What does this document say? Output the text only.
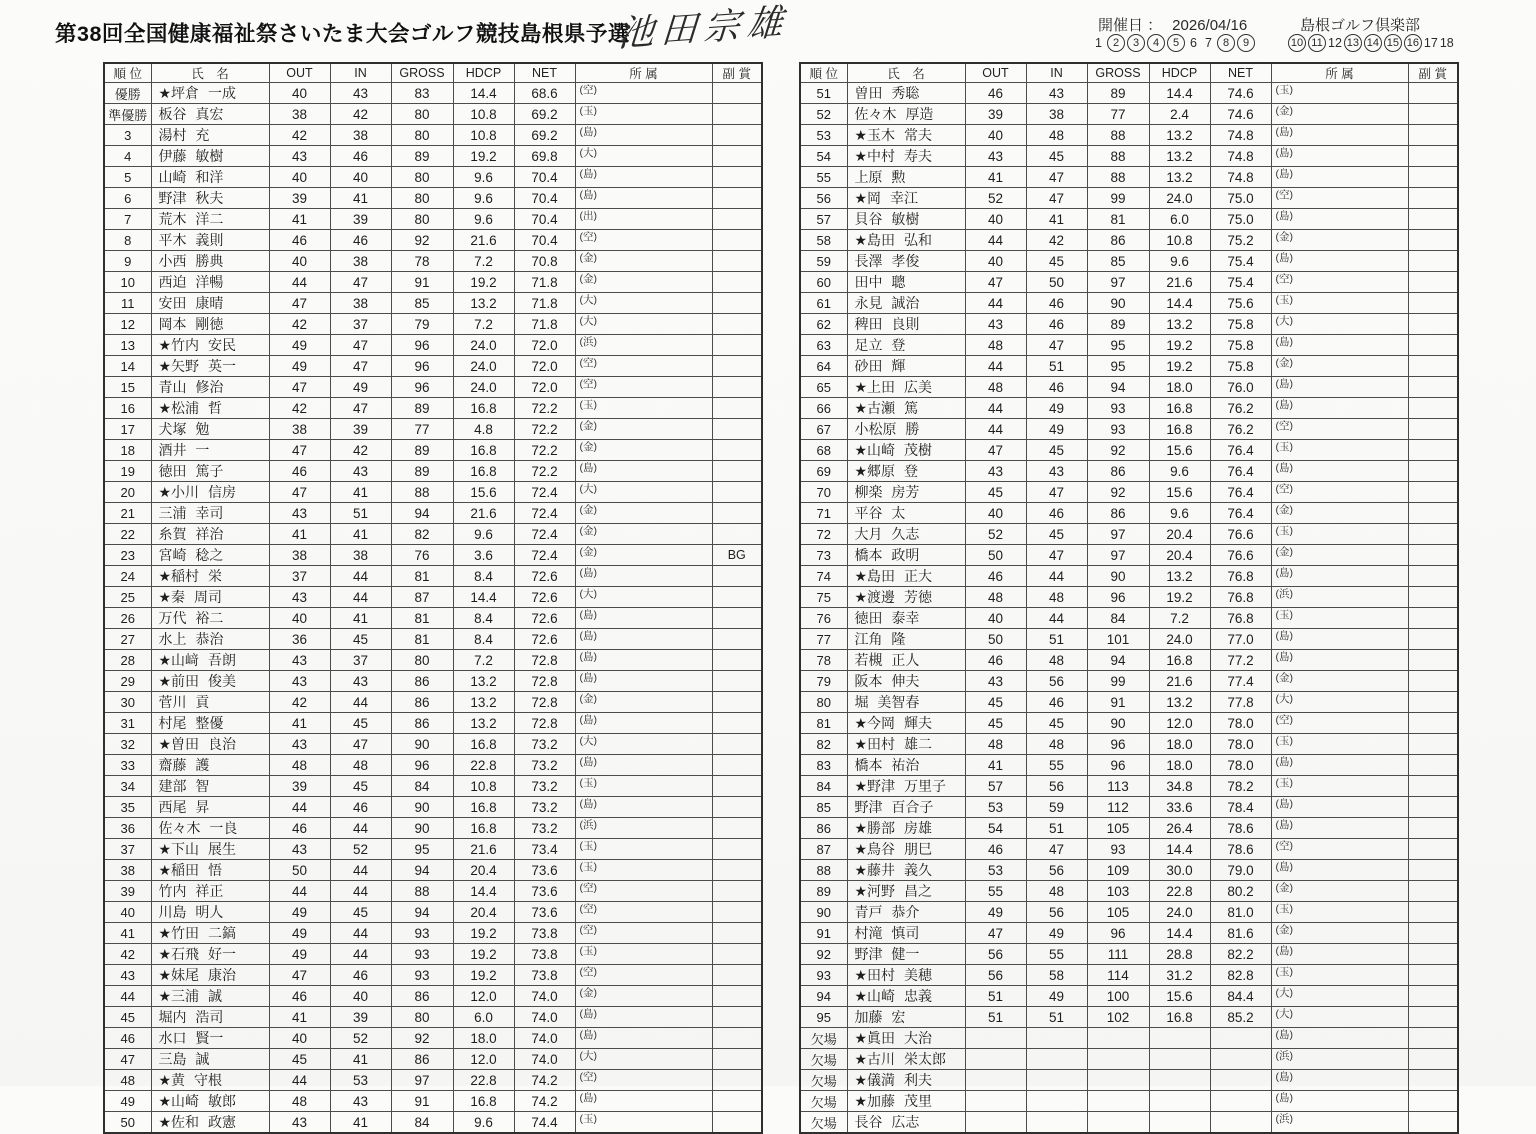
第38回全国健康福祉祭さいたま大会ゴルフ競技島根県予選
池田宗雄	開催日 ： 2026/04/16	島根ゴルフ倶楽部
1 2	3	4	5 6 7 8	9	10 11 12 13 14 15 16 17 18
順 位	氏　名	OUT	IN	GROSS	HDCP	NET	所 属	副 賞
優勝	★坪倉 一成	40	43	83	14.4	68.6	(空)	
準優勝	板谷 真宏	38	42	80	10.8	69.2	(玉)	
3	湯村 充	42	38	80	10.8	69.2	(島)	
4	伊藤 敏樹	43	46	89	19.2	69.8	(大)	
5	山崎 和洋	40	40	80	9.6	70.4	(島)	
6	野津 秋夫	39	41	80	9.6	70.4	(島)	
7	荒木 洋二	41	39	80	9.6	70.4	(出)	
8	平木 義則	46	46	92	21.6	70.4	(空)	
9	小西 勝典	40	38	78	7.2	70.8	(金)	
10	西迫 洋暢	44	47	91	19.2	71.8	(金)	
11	安田 康晴	47	38	85	13.2	71.8	(大)	
12	岡本 剛徳	42	37	79	7.2	71.8	(大)	
13	★竹内 安民	49	47	96	24.0	72.0	(浜)	
14	★矢野 英一	49	47	96	24.0	72.0	(空)	
15	青山 修治	47	49	96	24.0	72.0	(空)	
16	★松浦 哲	42	47	89	16.8	72.2	(玉)	
17	犬塚 勉	38	39	77	4.8	72.2	(金)	
18	酒井 一	47	42	89	16.8	72.2	(金)	
19	徳田 篤子	46	43	89	16.8	72.2	(島)	
20	★小川 信房	47	41	88	15.6	72.4	(大)	
21	三浦 幸司	43	51	94	21.6	72.4	(金)	
22	糸賀 祥治	41	41	82	9.6	72.4	(金)	
23	宮崎 稔之	38	38	76	3.6	72.4	(金)	BG
24	★稲村 栄	37	44	81	8.4	72.6	(島)	
25	★秦 周司	43	44	87	14.4	72.6	(大)	
26	万代 裕二	40	41	81	8.4	72.6	(島)	
27	水上 恭治	36	45	81	8.4	72.6	(島)	
28	★山﨑 吾朗	43	37	80	7.2	72.8	(島)	
29	★前田 俊美	43	43	86	13.2	72.8	(島)	
30	菅川 貢	42	44	86	13.2	72.8	(金)	
31	村尾 整優	41	45	86	13.2	72.8	(島)	
32	★曽田 良治	43	47	90	16.8	73.2	(大)	
33	齋藤 護	48	48	96	22.8	73.2	(島)	
34	建部 智	39	45	84	10.8	73.2	(玉)	
35	西尾 昇	44	46	90	16.8	73.2	(島)	
36	佐々木 一良	46	44	90	16.8	73.2	(浜)	
37	★下山 展生	43	52	95	21.6	73.4	(玉)	
38	★稲田 悟	50	44	94	20.4	73.6	(玉)	
39	竹内 祥正	44	44	88	14.4	73.6	(空)	
40	川島 明人	49	45	94	20.4	73.6	(空)	
41	★竹田 二鎬	49	44	93	19.2	73.8	(空)	
42	★石飛 好一	49	44	93	19.2	73.8	(玉)	
43	★妹尾 康治	47	46	93	19.2	73.8	(空)	
44	★三浦 誠	46	40	86	12.0	74.0	(金)	
45	堀内 浩司	41	39	80	6.0	74.0	(島)	
46	水口 賢一	40	52	92	18.0	74.0	(島)	
47	三島 誠	45	41	86	12.0	74.0	(大)	
48	★黄 守根	44	53	97	22.8	74.2	(空)	
49	★山崎 敏郎	48	43	91	16.8	74.2	(島)	
50	★佐和 政憲	43	41	84	9.6	74.4	(玉)	
順 位	氏　名	OUT	IN	GROSS	HDCP	NET	所 属	副 賞
51	曽田 秀聡	46	43	89	14.4	74.6	(玉)	
52	佐々木 厚造	39	38	77	2.4	74.6	(金)	
53	★玉木 常夫	40	48	88	13.2	74.8	(島)	
54	★中村 寿夫	43	45	88	13.2	74.8	(島)	
55	上原 勲	41	47	88	13.2	74.8	(島)	
56	★岡 幸江	52	47	99	24.0	75.0	(空)	
57	貝谷 敏樹	40	41	81	6.0	75.0	(島)	
58	★島田 弘和	44	42	86	10.8	75.2	(金)	
59	長澤 孝俊	40	45	85	9.6	75.4	(島)	
60	田中 聰	47	50	97	21.6	75.4	(空)	
61	永見 誠治	44	46	90	14.4	75.6	(玉)	
62	稗田 良則	43	46	89	13.2	75.8	(大)	
63	足立 登	48	47	95	19.2	75.8	(島)	
64	砂田 輝	44	51	95	19.2	75.8	(金)	
65	★上田 広美	48	46	94	18.0	76.0	(島)	
66	★古瀬 篤	44	49	93	16.8	76.2	(島)	
67	小松原 勝	44	49	93	16.8	76.2	(空)	
68	★山崎 茂樹	47	45	92	15.6	76.4	(玉)	
69	★郷原 登	43	43	86	9.6	76.4	(島)	
70	柳楽 房芳	45	47	92	15.6	76.4	(空)	
71	平谷 太	40	46	86	9.6	76.4	(金)	
72	大月 久志	52	45	97	20.4	76.6	(玉)	
73	橋本 政明	50	47	97	20.4	76.6	(金)	
74	★島田 正大	46	44	90	13.2	76.8	(島)	
75	★渡邊 芳徳	48	48	96	19.2	76.8	(浜)	
76	徳田 泰幸	40	44	84	7.2	76.8	(玉)	
77	江角 隆	50	51	101	24.0	77.0	(島)	
78	若槻 正人	46	48	94	16.8	77.2	(島)	
79	阪本 伸夫	43	56	99	21.6	77.4	(金)	
80	堀 美智春	45	46	91	13.2	77.8	(大)	
81	★今岡 輝夫	45	45	90	12.0	78.0	(空)	
82	★田村 雄二	48	48	96	18.0	78.0	(玉)	
83	橋本 祐治	41	55	96	18.0	78.0	(島)	
84	★野津 万里子	57	56	113	34.8	78.2	(玉)	
85	野津 百合子	53	59	112	33.6	78.4	(島)	
86	★勝部 房雄	54	51	105	26.4	78.6	(島)	
87	★鳥谷 朋巳	46	47	93	14.4	78.6	(空)	
88	★藤井 義久	53	56	109	30.0	79.0	(島)	
89	★河野 昌之	55	48	103	22.8	80.2	(金)	
90	青戸 恭介	49	56	105	24.0	81.0	(玉)	
91	村滝 慎司	47	49	96	14.4	81.6	(金)	
92	野津 健一	56	55	111	28.8	82.2	(島)	
93	★田村 美穂	56	58	114	31.2	82.8	(玉)	
94	★山崎 忠義	51	49	100	15.6	84.4	(大)	
95	加藤 宏	51	51	102	16.8	85.2	(大)	
欠場	★眞田 大治						(島)	
欠場	★古川 栄太郎						(浜)	
欠場	★儀満 利夫						(島)	
欠場	★加藤 茂里						(島)	
欠場	長谷 広志						(浜)	
